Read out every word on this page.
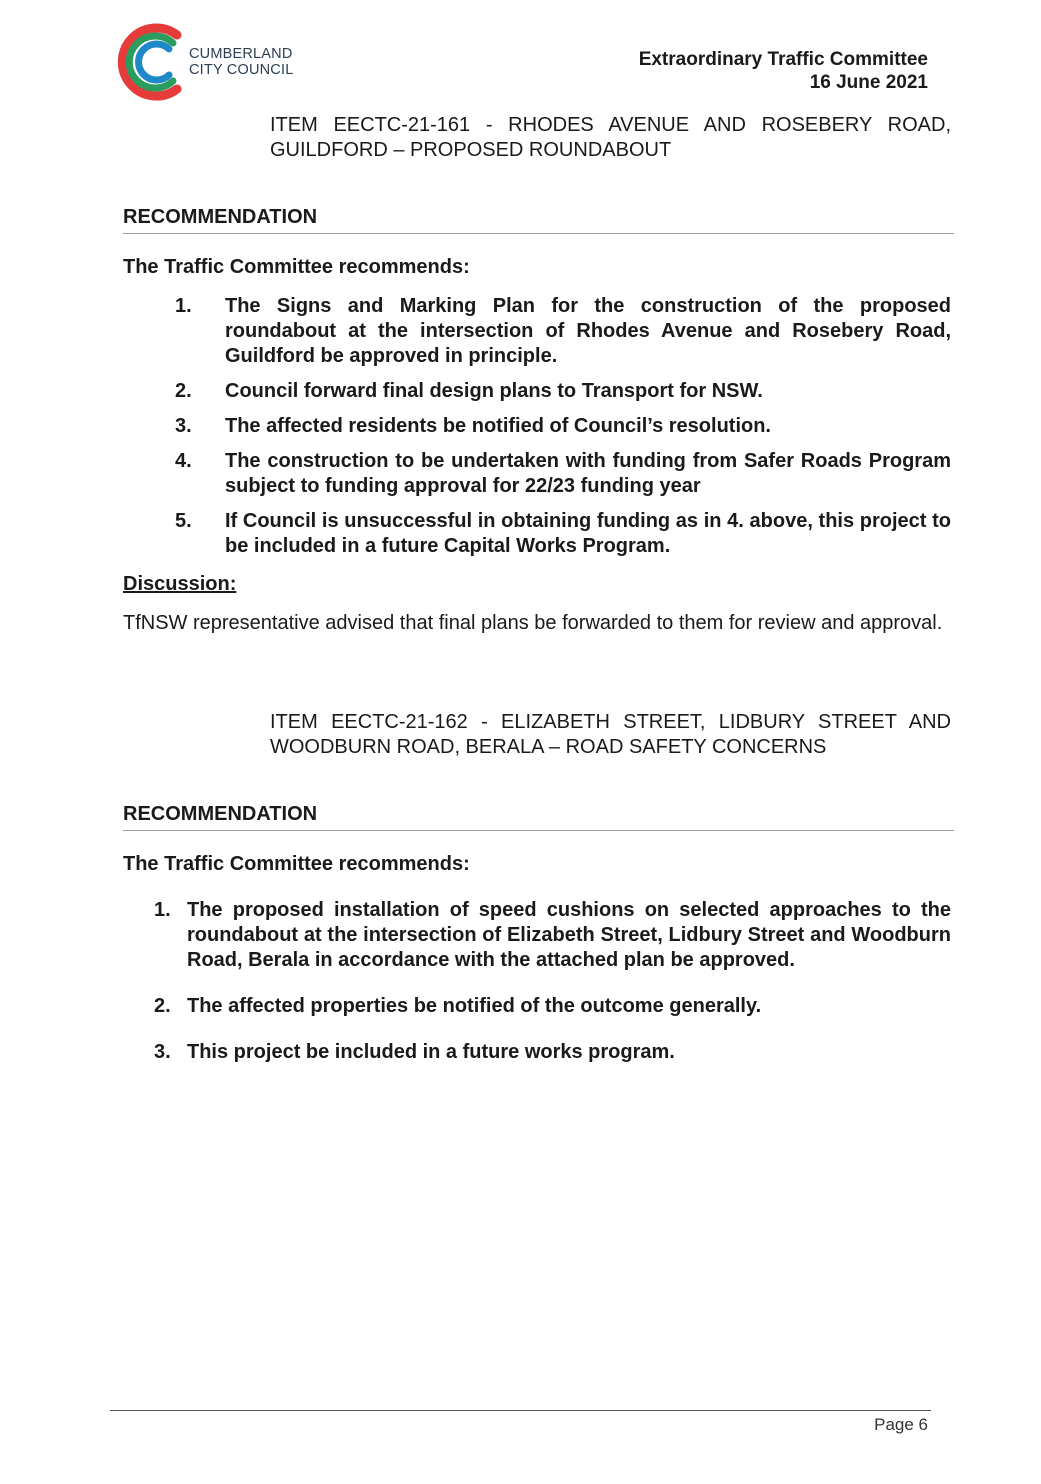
CUMBERLAND
CITY COUNCIL	Extraordinary Traffic Committee
16 June 2021
ITEM EECTC-21-161 - RHODES AVENUE AND ROSEBERY ROAD, GUILDFORD – PROPOSED ROUNDABOUT
RECOMMENDATION
The Traffic Committee recommends:
1. The Signs and Marking Plan for the construction of the proposed roundabout at the intersection of Rhodes Avenue and Rosebery Road, Guildford be approved in principle.
2. Council forward final design plans to Transport for NSW.
3. The affected residents be notified of Council’s resolution.
4. The construction to be undertaken with funding from Safer Roads Program subject to funding approval for 22/23 funding year
5. If Council is unsuccessful in obtaining funding as in 4. above, this project to be included in a future Capital Works Program.
Discussion:
TfNSW representative advised that final plans be forwarded to them for review and approval.
ITEM EECTC-21-162 - ELIZABETH STREET, LIDBURY STREET AND WOODBURN ROAD, BERALA – ROAD SAFETY CONCERNS
RECOMMENDATION
The Traffic Committee recommends:
1. The proposed installation of speed cushions on selected approaches to the roundabout at the intersection of Elizabeth Street, Lidbury Street and Woodburn Road, Berala in accordance with the attached plan be approved.
2. The affected properties be notified of the outcome generally.
3. This project be included in a future works program.
Page 6
